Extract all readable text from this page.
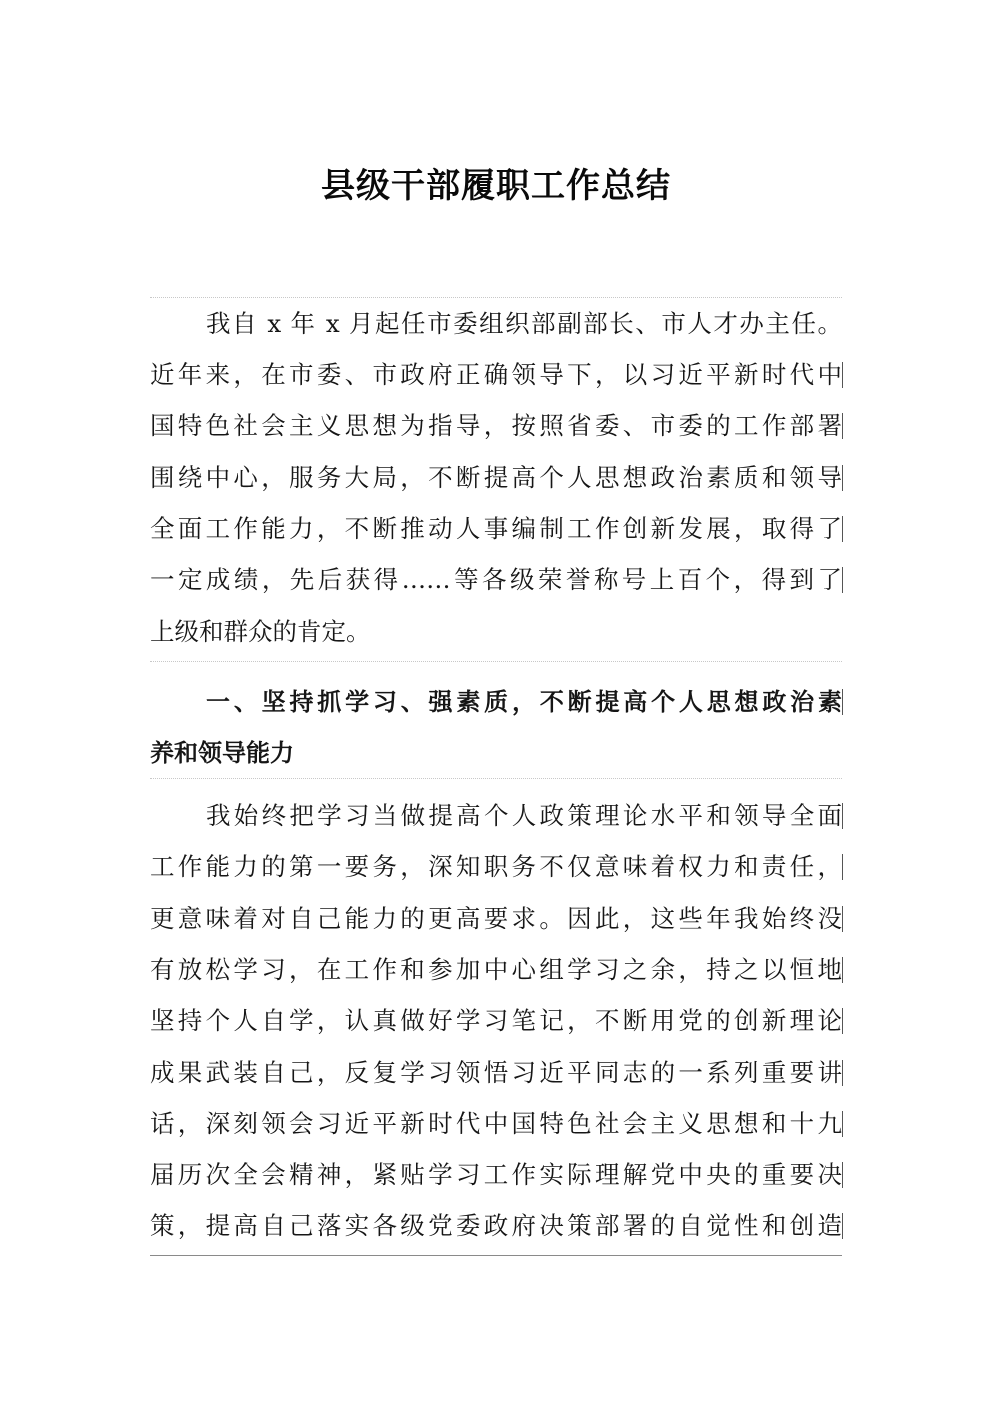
县级干部履职工作总结
我自 x 年 x 月起任市委组织部副部长、市人才办主任。
近年来，在市委、市政府正确领导下，以习近平新时代中
国特色社会主义思想为指导，按照省委、市委的工作部署
围绕中心，服务大局，不断提高个人思想政治素质和领导
全面工作能力，不断推动人事编制工作创新发展，取得了
一定成绩，先后获得……等各级荣誉称号上百个，得到了
上级和群众的肯定。
一、坚持抓学习、强素质，不断提高个人思想政治素
养和领导能力
我始终把学习当做提高个人政策理论水平和领导全面
工作能力的第一要务，深知职务不仅意味着权力和责任，
更意味着对自己能力的更高要求。因此，这些年我始终没
有放松学习，在工作和参加中心组学习之余，持之以恒地
坚持个人自学，认真做好学习笔记，不断用党的创新理论
成果武装自己，反复学习领悟习近平同志的一系列重要讲
话，深刻领会习近平新时代中国特色社会主义思想和十九
届历次全会精神，紧贴学习工作实际理解党中央的重要决
策，提高自己落实各级党委政府决策部署的自觉性和创造
